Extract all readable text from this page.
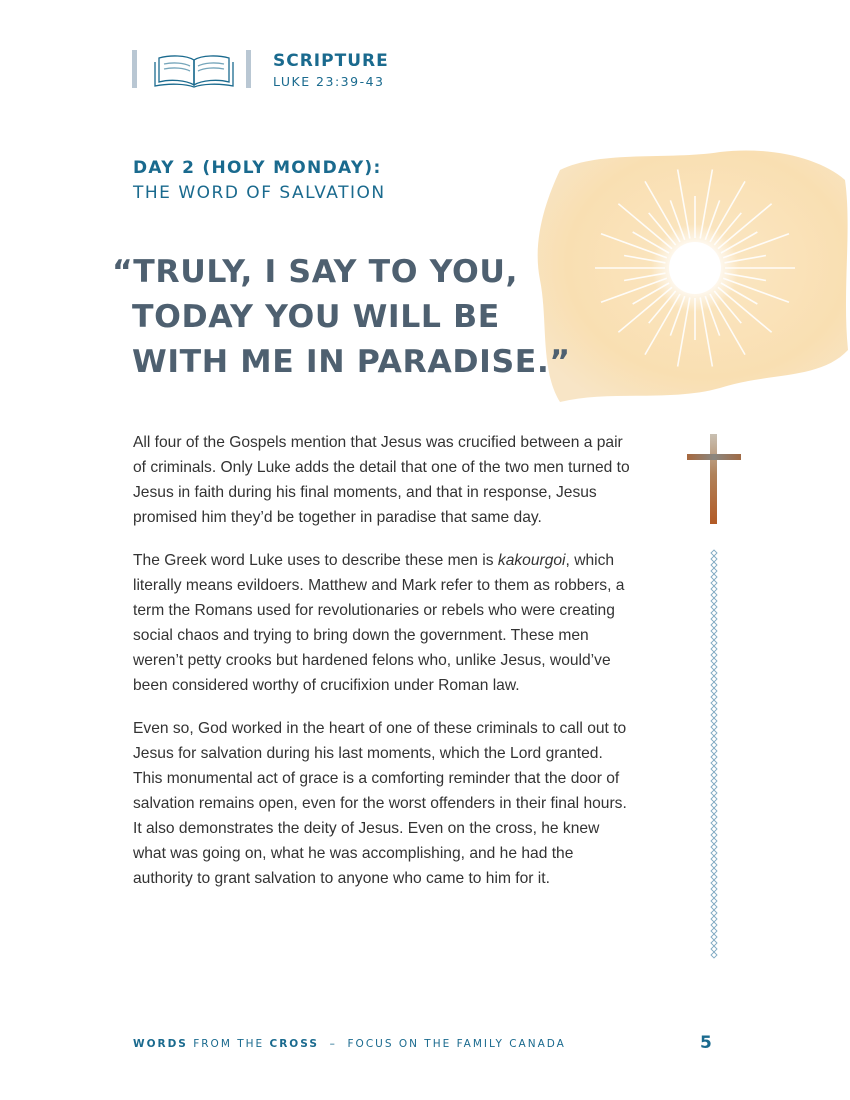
SCRIPTURE
LUKE 23:39-43
DAY 2 (HOLY MONDAY):
THE WORD OF SALVATION
“TRULY, I SAY TO YOU,
TODAY YOU WILL BE
WITH ME IN PARADISE.”

All four of the Gospels mention that Jesus was crucified between a pair of criminals. Only Luke adds the detail that one of the two men turned to Jesus in faith during his final moments, and that in response, Jesus promised him they’d be together in paradise that same day.

The Greek word Luke uses to describe these men is kakourgoi, which literally means evildoers. Matthew and Mark refer to them as robbers, a term the Romans used for revolutionaries or rebels who were creating social chaos and trying to bring down the government. These men weren’t petty crooks but hardened felons who, unlike Jesus, would’ve been considered worthy of crucifixion under Roman law.

Even so, God worked in the heart of one of these criminals to call out to Jesus for salvation during his last moments, which the Lord granted. This monumental act of grace is a comforting reminder that the door of salvation remains open, even for the worst offenders in their final hours. It also demonstrates the deity of Jesus. Even on the cross, he knew what was going on, what he was accomplishing, and he had the authority to grant salvation to anyone who came to him for it.

WORDS FROM THE CROSS – FOCUS ON THE FAMILY CANADA	5
